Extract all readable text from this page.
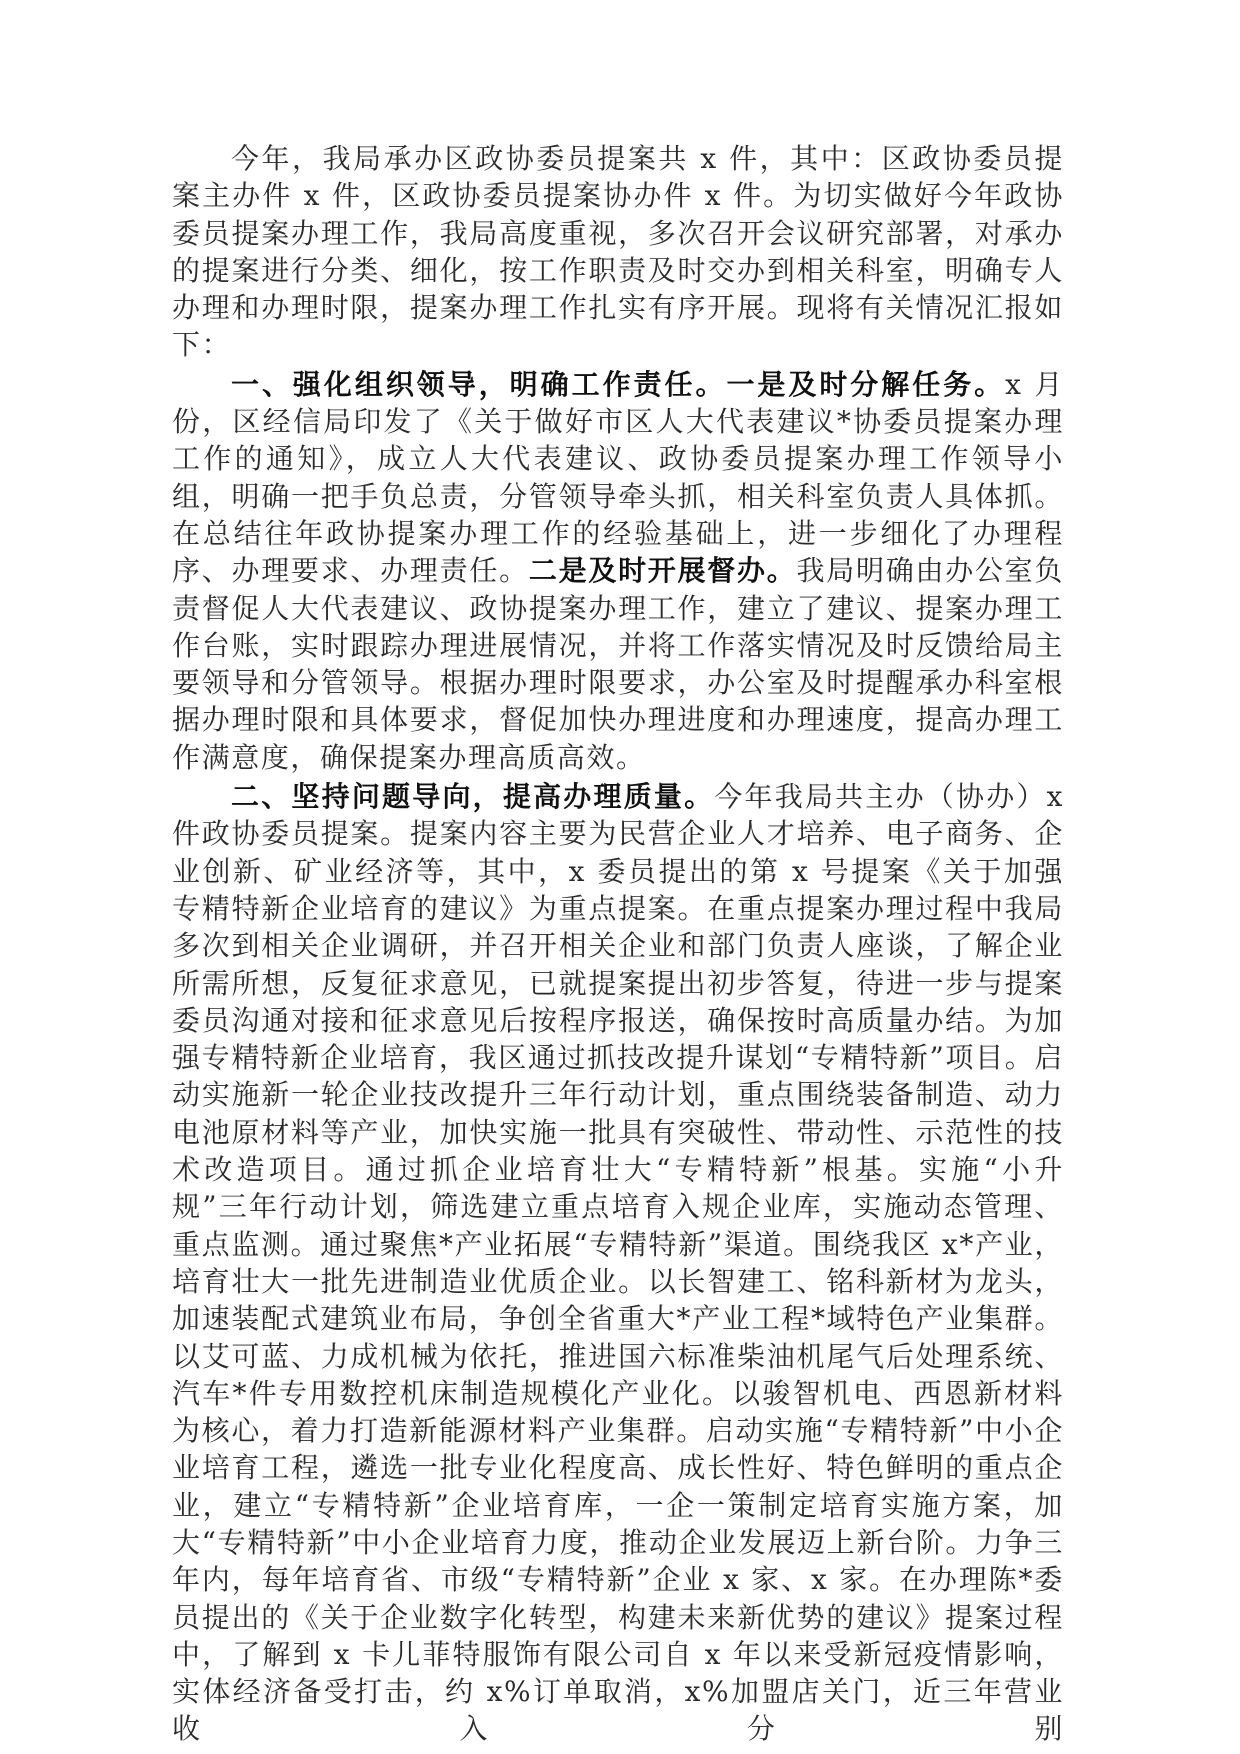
今年，我局承办区政协委员提案共 x 件，其中：区政协委员提案主办件 x 件，区政协委员提案协办件 x 件。为切实做好今年政协委员提案办理工作，我局高度重视，多次召开会议研究部署，对承办的提案进行分类、细化，按工作职责及时交办到相关科室，明确专人办理和办理时限，提案办理工作扎实有序开展。现将有关情况汇报如下：

一、强化组织领导，明确工作责任。一是及时分解任务。x 月份，区经信局印发了《关于做好市区人大代表建议*协委员提案办理工作的通知》，成立人大代表建议、政协委员提案办理工作领导小组，明确一把手负总责，分管领导牵头抓，相关科室负责人具体抓。在总结往年政协提案办理工作的经验基础上，进一步细化了办理程序、办理要求、办理责任。二是及时开展督办。我局明确由办公室负责督促人大代表建议、政协提案办理工作，建立了建议、提案办理工作台账，实时跟踪办理进展情况，并将工作落实情况及时反馈给局主要领导和分管领导。根据办理时限要求，办公室及时提醒承办科室根据办理时限和具体要求，督促加快办理进度和办理速度，提高办理工作满意度，确保提案办理高质高效。

二、坚持问题导向，提高办理质量。今年我局共主办（协办）x 件政协委员提案。提案内容主要为民营企业人才培养、电子商务、企业创新、矿业经济等，其中，x 委员提出的第 x 号提案《关于加强专精特新企业培育的建议》为重点提案。在重点提案办理过程中我局多次到相关企业调研，并召开相关企业和部门负责人座谈，了解企业所需所想，反复征求意见，已就提案提出初步答复，待进一步与提案委员沟通对接和征求意见后按程序报送，确保按时高质量办结。为加强专精特新企业培育，我区通过抓技改提升谋划“专精特新”项目。启动实施新一轮企业技改提升三年行动计划，重点围绕装备制造、动力电池原材料等产业，加快实施一批具有突破性、带动性、示范性的技术改造项目。通过抓企业培育壮大“专精特新”根基。实施“小升规”三年行动计划，筛选建立重点培育入规企业库，实施动态管理、重点监测。通过聚焦*产业拓展“专精特新”渠道。围绕我区 x*产业，培育壮大一批先进制造业优质企业。以长智建工、铭科新材为龙头，加速装配式建筑业布局，争创全省重大*产业工程*域特色产业集群。以艾可蓝、力成机械为依托，推进国六标准柴油机尾气后处理系统、汽车*件专用数控机床制造规模化产业化。以骏智机电、西恩新材料为核心，着力打造新能源材料产业集群。启动实施“专精特新”中小企业培育工程，遴选一批专业化程度高、成长性好、特色鲜明的重点企业，建立“专精特新”企业培育库，一企一策制定培育实施方案，加大“专精特新”中小企业培育力度，推动企业发展迈上新台阶。力争三年内，每年培育省、市级“专精特新”企业 x 家、x 家。在办理陈*委员提出的《关于企业数字化转型，构建未来新优势的建议》提案过程中，了解到 x 卡儿菲特服饰有限公司自 x 年以来受新冠疫情影响，实体经济备受打击，约 x%订单取消，x%加盟店关门，近三年营业收入分别
